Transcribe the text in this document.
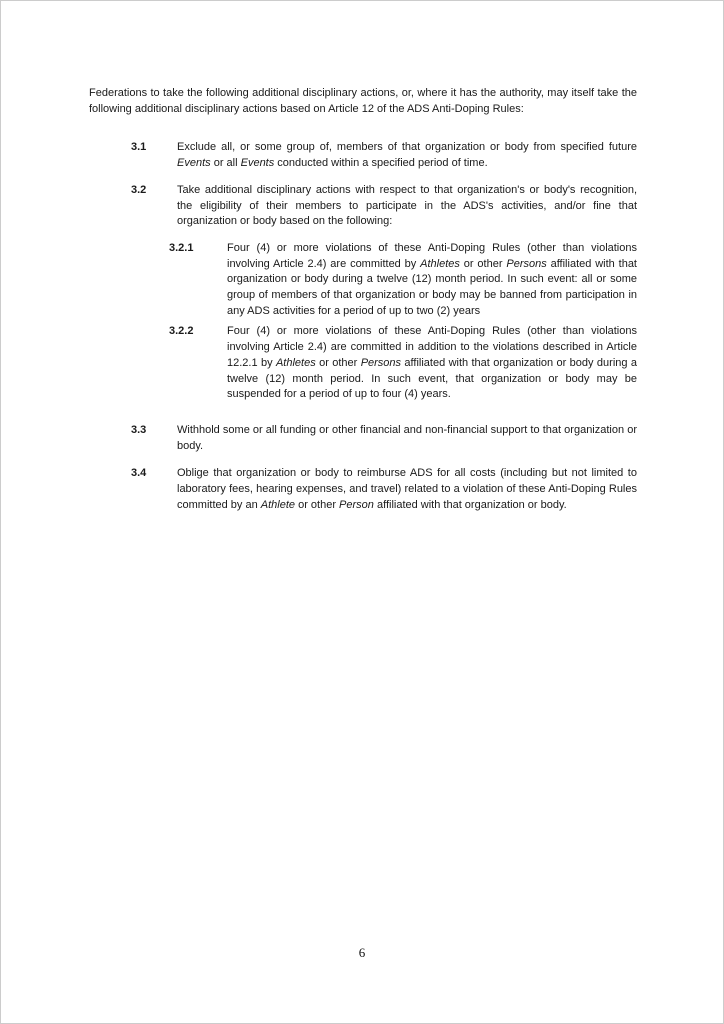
Federations to take the following additional disciplinary actions, or, where it has the authority, may itself take the following additional disciplinary actions based on Article 12 of the ADS Anti-Doping Rules:

3.1	Exclude all, or some group of, members of that organization or body from specified future Events or all Events conducted within a specified period of time.

3.2	Take additional disciplinary actions with respect to that organization's or body's recognition, the eligibility of their members to participate in the ADS's activities, and/or fine that organization or body based on the following:

3.2.1	Four (4) or more violations of these Anti-Doping Rules (other than violations involving Article 2.4) are committed by Athletes or other Persons affiliated with that organization or body during a twelve (12) month period. In such event: all or some group of members of that organization or body may be banned from participation in any ADS activities for a period of up to two (2) years

3.2.2	Four (4) or more violations of these Anti-Doping Rules (other than violations involving Article 2.4) are committed in addition to the violations described in Article 12.2.1 by Athletes or other Persons affiliated with that organization or body during a twelve (12) month period. In such event, that organization or body may be suspended for a period of up to four (4) years.

3.3	Withhold some or all funding or other financial and non-financial support to that organization or body.

3.4	Oblige that organization or body to reimburse ADS for all costs (including but not limited to laboratory fees, hearing expenses, and travel) related to a violation of these Anti-Doping Rules committed by an Athlete or other Person affiliated with that organization or body.

6
